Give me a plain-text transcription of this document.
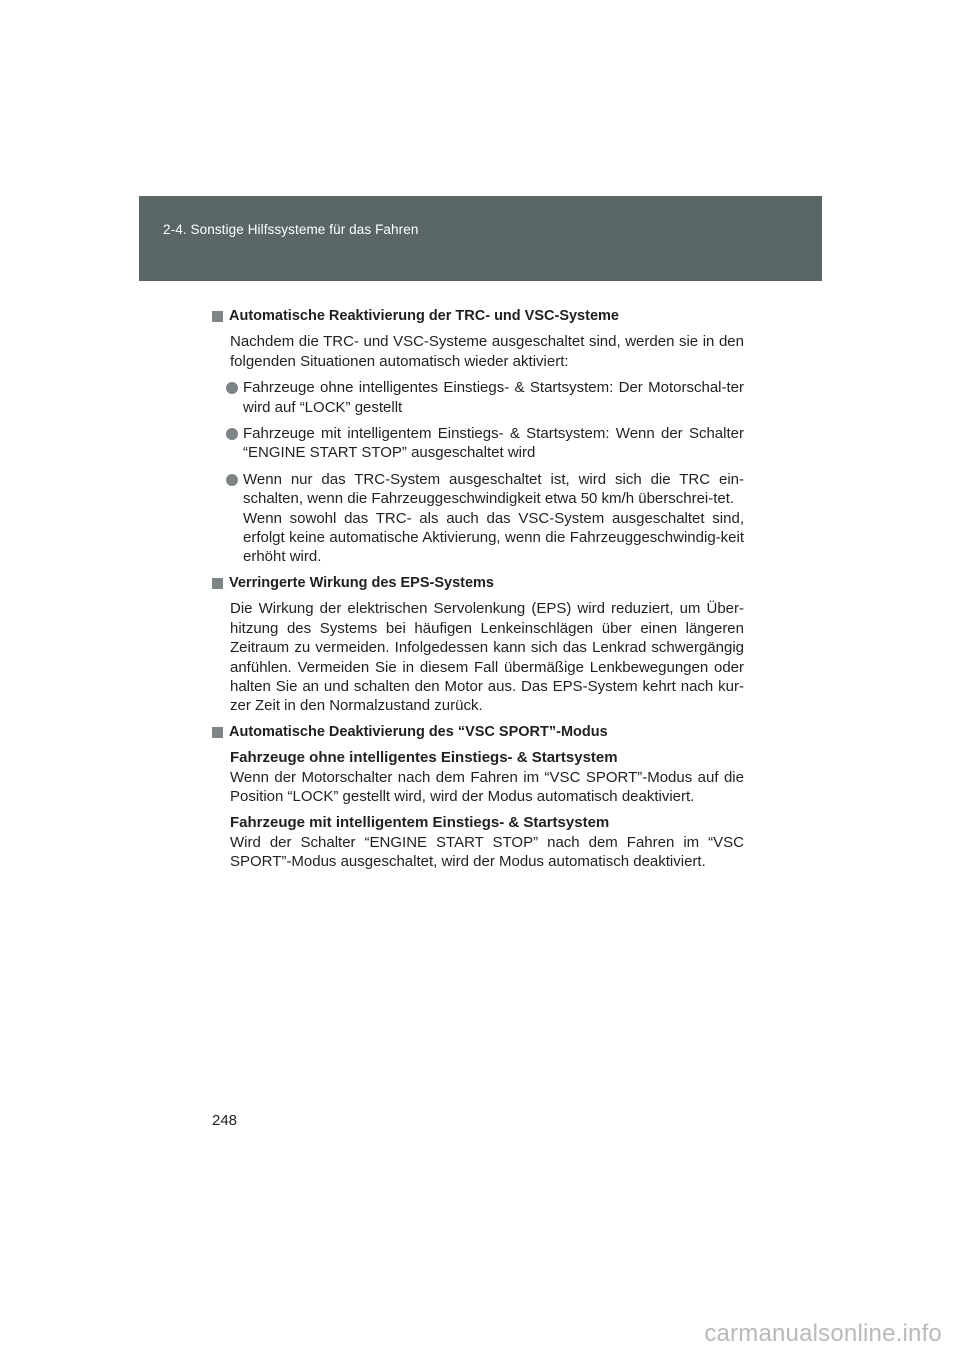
2-4. Sonstige Hilfssysteme für das Fahren
Automatische Reaktivierung der TRC- und VSC-Systeme

Nachdem die TRC- und VSC-Systeme ausgeschaltet sind, werden sie in den folgenden Situationen automatisch wieder aktiviert:

Fahrzeuge ohne intelligentes Einstiegs- & Startsystem: Der Motorschal-ter wird auf “LOCK” gestellt
Fahrzeuge mit intelligentem Einstiegs- & Startsystem: Wenn der Schalter “ENGINE START STOP” ausgeschaltet wird
Wenn nur das TRC-System ausgeschaltet ist, wird sich die TRC ein-schalten, wenn die Fahrzeuggeschwindigkeit etwa 50 km/h überschrei-tet.
Wenn sowohl das TRC- als auch das VSC-System ausgeschaltet sind, erfolgt keine automatische Aktivierung, wenn die Fahrzeuggeschwindig-keit erhöht wird.
Verringerte Wirkung des EPS-Systems

Die Wirkung der elektrischen Servolenkung (EPS) wird reduziert, um Über-hitzung des Systems bei häufigen Lenkeinschlägen über einen längeren Zeitraum zu vermeiden. Infolgedessen kann sich das Lenkrad schwergängig anfühlen. Vermeiden Sie in diesem Fall übermäßige Lenkbewegungen oder halten Sie an und schalten den Motor aus. Das EPS-System kehrt nach kur-zer Zeit in den Normalzustand zurück.

Automatische Deaktivierung des “VSC SPORT”-Modus

Fahrzeuge ohne intelligentes Einstiegs- & Startsystem
Wenn der Motorschalter nach dem Fahren im “VSC SPORT”-Modus auf die Position “LOCK” gestellt wird, wird der Modus automatisch deaktiviert.

Fahrzeuge mit intelligentem Einstiegs- & Startsystem
Wird der Schalter “ENGINE START STOP” nach dem Fahren im “VSC SPORT”-Modus ausgeschaltet, wird der Modus automatisch deaktiviert.

248
carmanualsonline.info
